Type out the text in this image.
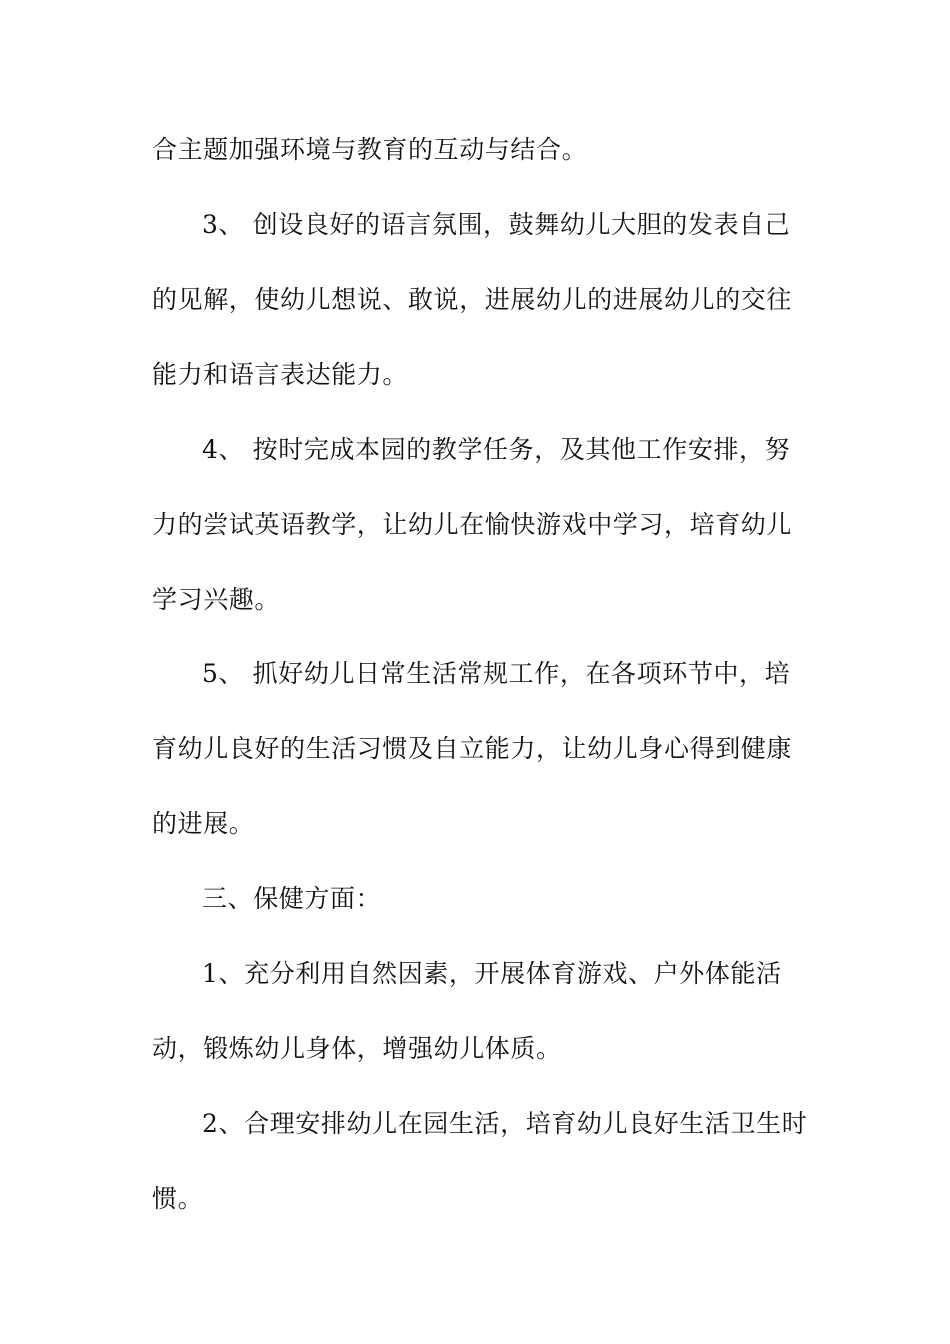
合主题加强环境与教育的互动与结合。
3、 创设良好的语言氛围，鼓舞幼儿大胆的发表自己
的见解，使幼儿想说、敢说，进展幼儿的进展幼儿的交往
能力和语言表达能力。
4、 按时完成本园的教学任务，及其他工作安排，努
力的尝试英语教学，让幼儿在愉快游戏中学习，培育幼儿
学习兴趣。
5、 抓好幼儿日常生活常规工作，在各项环节中，培
育幼儿良好的生活习惯及自立能力，让幼儿身心得到健康
的进展。
三、保健方面：
1、充分利用自然因素，开展体育游戏、户外体能活
动，锻炼幼儿身体，增强幼儿体质。
2、合理安排幼儿在园生活，培育幼儿良好生活卫生时
惯。
